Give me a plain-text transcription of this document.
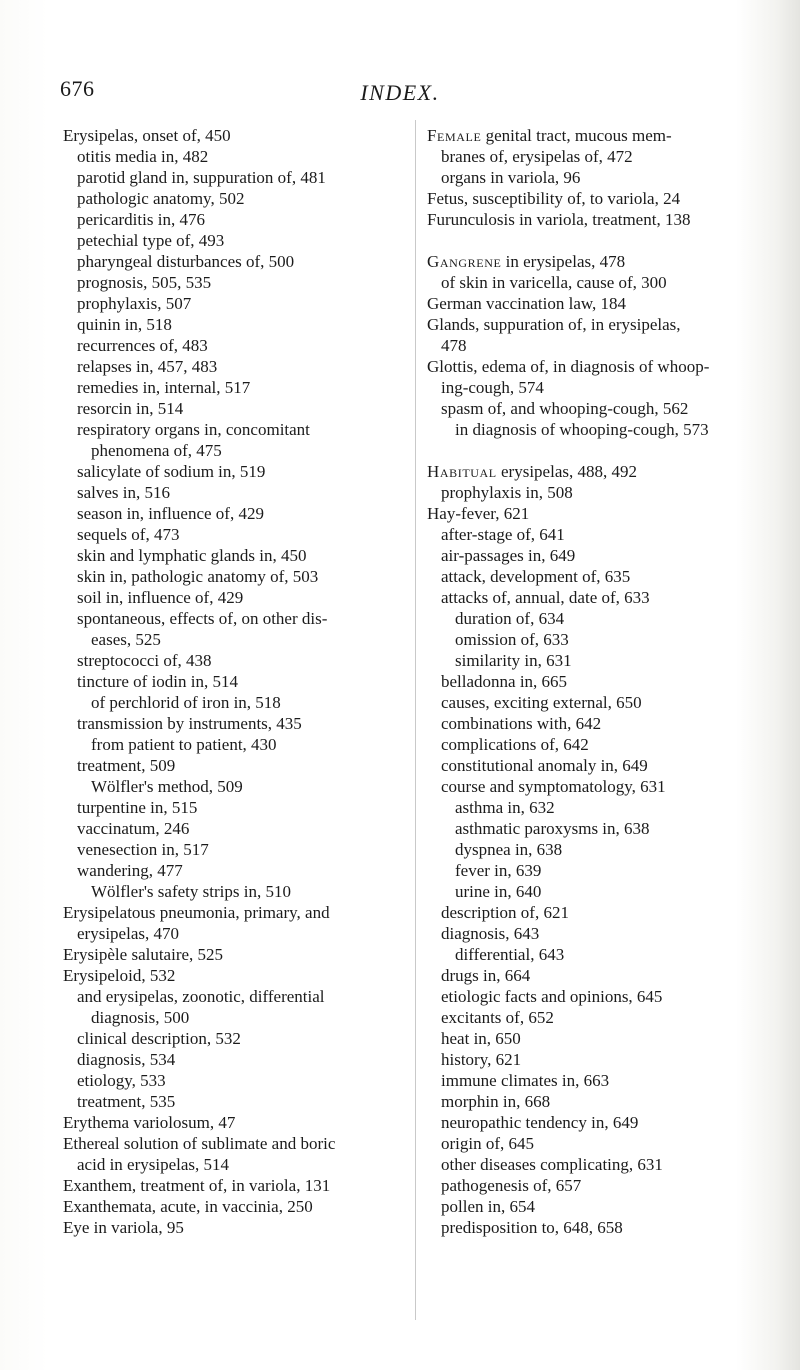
676	INDEX.

Erysipelas, onset of, 450

otitis media in, 482

parotid gland in, suppuration of, 481

pathologic anatomy, 502

pericarditis in, 476

petechial type of, 493

pharyngeal disturbances of, 500

prognosis, 505, 535

prophylaxis, 507

quinin in, 518

recurrences of, 483

relapses in, 457, 483

remedies in, internal, 517

resorcin in, 514

respiratory organs in, concomitant

phenomena of, 475

salicylate of sodium in, 519

salves in, 516

season in, influence of, 429

sequels of, 473

skin and lymphatic glands in, 450

skin in, pathologic anatomy of, 503

soil in, influence of, 429

spontaneous, effects of, on other dis-

eases, 525

streptococci of, 438

tincture of iodin in, 514

of perchlorid of iron in, 518

transmission by instruments, 435

from patient to patient, 430

treatment, 509

Wölfler's method, 509

turpentine in, 515

vaccinatum, 246

venesection in, 517

wandering, 477

Wölfler's safety strips in, 510

Erysipelatous pneumonia, primary, and

erysipelas, 470

Erysipèle salutaire, 525

Erysipeloid, 532

and erysipelas, zoonotic, differential

diagnosis, 500

clinical description, 532

diagnosis, 534

etiology, 533

treatment, 535

Erythema variolosum, 47

Ethereal solution of sublimate and boric

acid in erysipelas, 514

Exanthem, treatment of, in variola, 131

Exanthemata, acute, in vaccinia, 250

Eye in variola, 95

Female genital tract, mucous mem-

branes of, erysipelas of, 472

organs in variola, 96

Fetus, susceptibility of, to variola, 24

Furunculosis in variola, treatment, 138

Gangrene in erysipelas, 478

of skin in varicella, cause of, 300

German vaccination law, 184

Glands, suppuration of, in erysipelas,

478

Glottis, edema of, in diagnosis of whoop-

ing-cough, 574

spasm of, and whooping-cough, 562

in diagnosis of whooping-cough, 573

Habitual erysipelas, 488, 492

prophylaxis in, 508

Hay-fever, 621

after-stage of, 641

air-passages in, 649

attack, development of, 635

attacks of, annual, date of, 633

duration of, 634

omission of, 633

similarity in, 631

belladonna in, 665

causes, exciting external, 650

combinations with, 642

complications of, 642

constitutional anomaly in, 649

course and symptomatology, 631

asthma in, 632

asthmatic paroxysms in, 638

dyspnea in, 638

fever in, 639

urine in, 640

description of, 621

diagnosis, 643

differential, 643

drugs in, 664

etiologic facts and opinions, 645

excitants of, 652

heat in, 650

history, 621

immune climates in, 663

morphin in, 668

neuropathic tendency in, 649

origin of, 645

other diseases complicating, 631

pathogenesis of, 657

pollen in, 654

predisposition to, 648, 658
